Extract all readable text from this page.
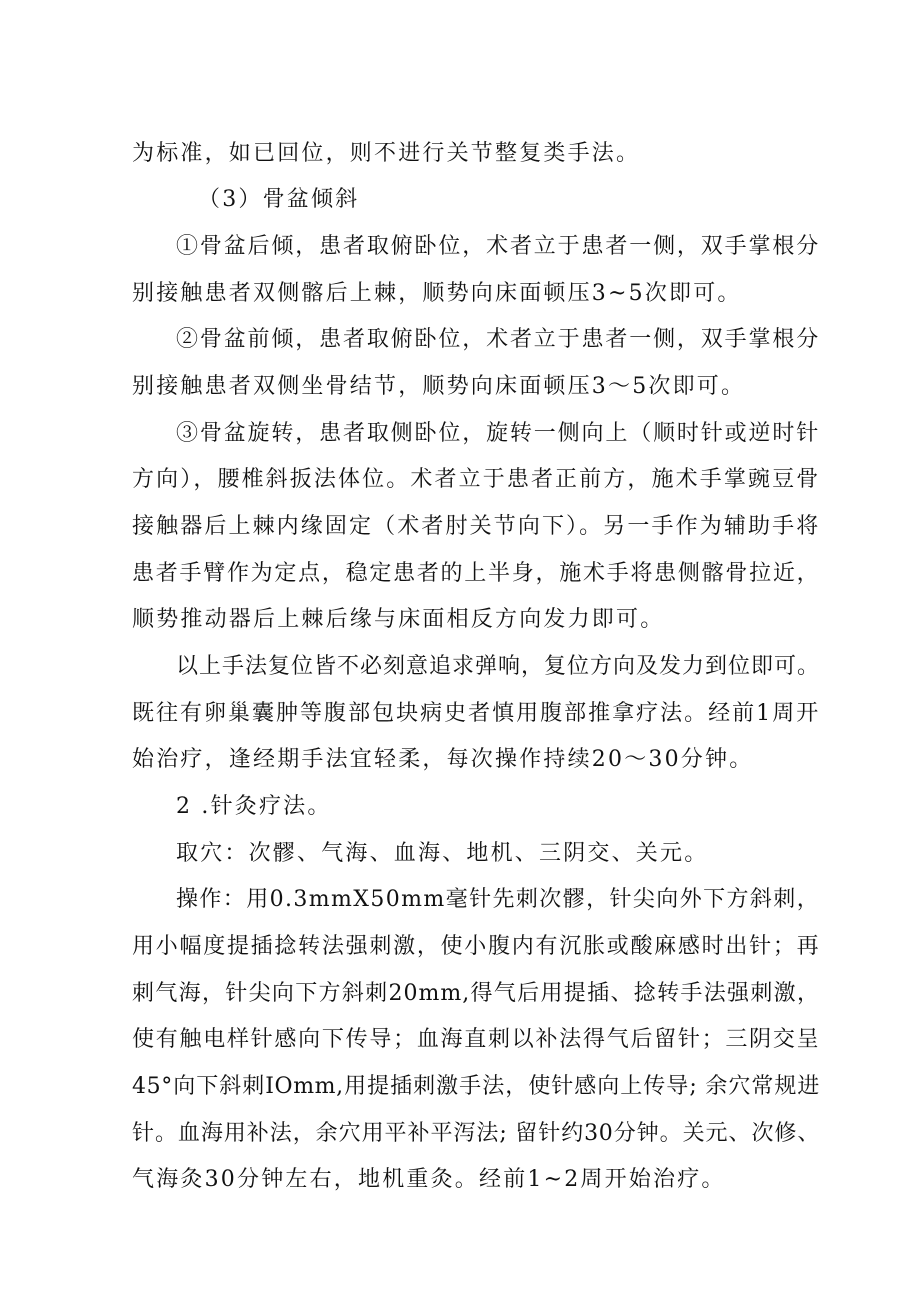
为标准，如已回位，则不进行关节整复类手法。
（3）骨盆倾斜
①骨盆后倾，患者取俯卧位，术者立于患者一侧，双手掌根分
别接触患者双侧髂后上棘，顺势向床面顿压3~5次即可。
②骨盆前倾，患者取俯卧位，术者立于患者一侧，双手掌根分
别接触患者双侧坐骨结节，顺势向床面顿压3～5次即可。
③骨盆旋转，患者取侧卧位，旋转一侧向上（顺时针或逆时针
方向），腰椎斜扳法体位。术者立于患者正前方，施术手掌豌豆骨
接触器后上棘内缘固定（术者肘关节向下）。另一手作为辅助手将
患者手臂作为定点，稳定患者的上半身，施术手将患侧髂骨拉近，
顺势推动器后上棘后缘与床面相反方向发力即可。
以上手法复位皆不必刻意追求弹响，复位方向及发力到位即可。
既往有卵巢囊肿等腹部包块病史者慎用腹部推拿疗法。经前1周开
始治疗，逢经期手法宜轻柔，每次操作持续20～30分钟。
2 .针灸疗法。
取穴：次髎、气海、血海、地机、三阴交、关元。
操作：用0.3mmX50mm毫针先刺次髎，针尖向外下方斜刺，
用小幅度提插捻转法强刺激，使小腹内有沉胀或酸麻感时出针；再
刺气海，针尖向下方斜刺20mm,得气后用提插、捻转手法强刺激，
使有触电样针感向下传导；血海直刺以补法得气后留针；三阴交呈
45°向下斜刺IOmm,用提插刺激手法，使针感向上传导; 余穴常规进
针。血海用补法，余穴用平补平泻法; 留针约30分钟。关元、次修、
气海灸30分钟左右，地机重灸。经前1~2周开始治疗。
